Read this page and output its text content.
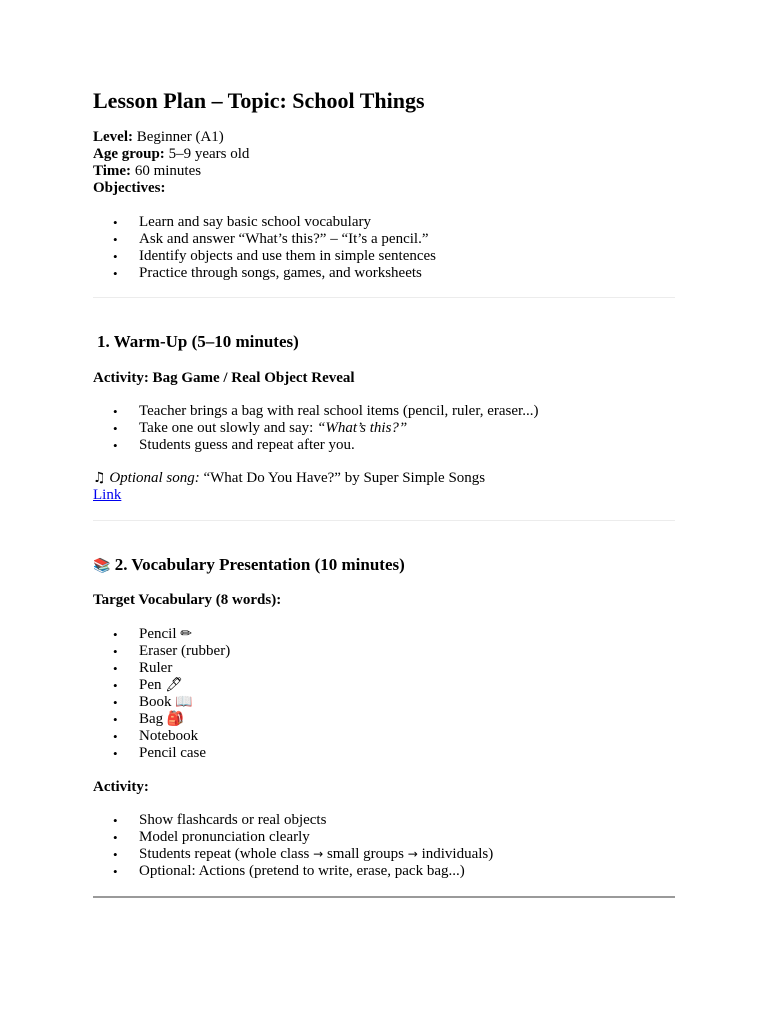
Lesson Plan – Topic: School Things
Level: Beginner (A1)
Age group: 5–9 years old
Time: 60 minutes
Objectives:
• Learn and say basic school vocabulary
• Ask and answer “What’s this?” – “It’s a pencil.”
• Identify objects and use them in simple sentences
• Practice through songs, games, and worksheets
1. Warm-Up (5–10 minutes)
Activity: Bag Game / Real Object Reveal
• Teacher brings a bag with real school items (pencil, ruler, eraser...)
• Take one out slowly and say: “What’s this?”
• Students guess and repeat after you.
♫ Optional song: “What Do You Have?” by Super Simple Songs
Link
📚 2. Vocabulary Presentation (10 minutes)
Target Vocabulary (8 words):
• Pencil ✏
• Eraser (rubber)
• Ruler
• Pen 🖊
• Book 📖
• Bag 🎒
• Notebook
• Pencil case
Activity:
• Show flashcards or real objects
• Model pronunciation clearly
• Students repeat (whole class → small groups → individuals)
• Optional: Actions (pretend to write, erase, pack bag...)
